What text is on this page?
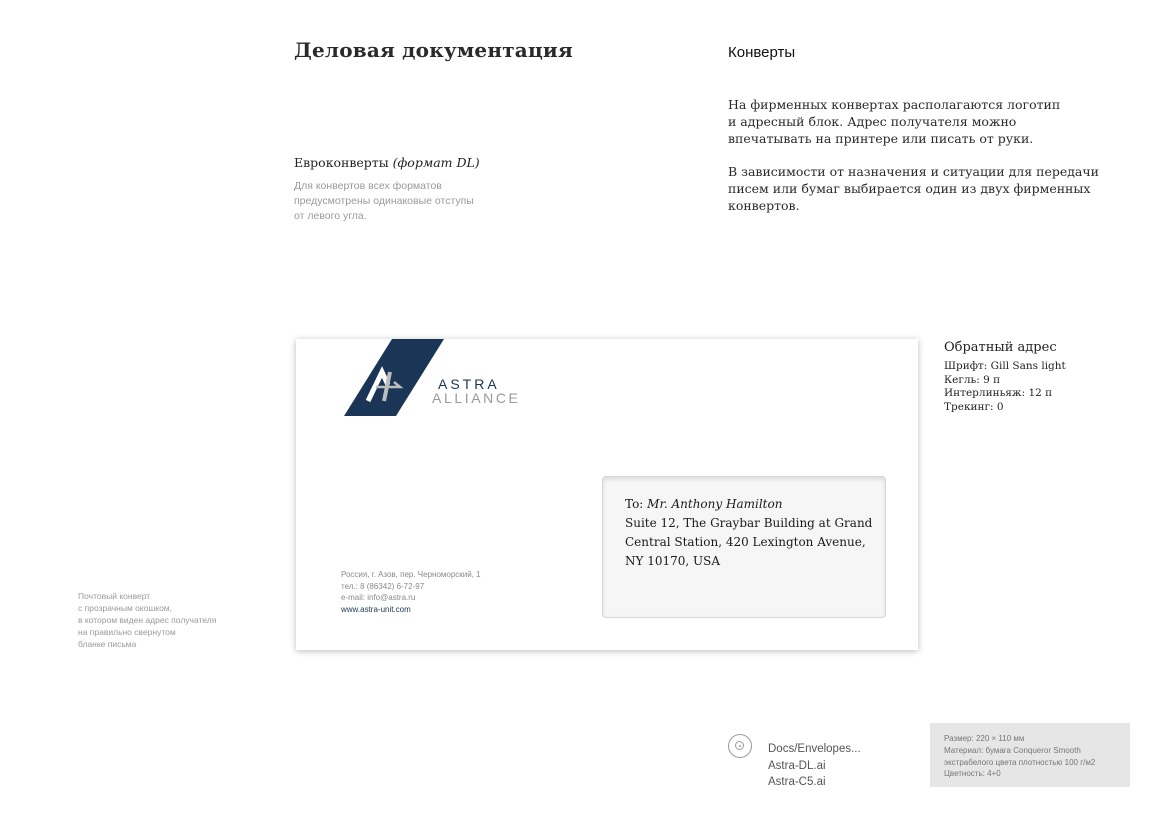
Деловая документация	Конверты
На фирменных конвертах располагаются логотип
и адресный блок. Адрес получателя можно
впечатывать на принтере или писать от руки.
В зависимости от назначения и ситуации для передачи
писем или бумаг выбирается один из двух фирменных
конвертов.
Евроконверты (формат DL)
Для конвертов всех форматов
предусмотрены одинаковые отступы
от левого угла.
ASTRA
ALLIANCE
Россия, г. Азов, пер. Черноморский, 1
тел.: 8 (86342) 6-72-97
e-mail: info@astra.ru
www.astra-unit.com
To: Mr. Anthony Hamilton
Suite 12, The Graybar Building at Grand
Central Station, 420 Lexington Avenue,
NY 10170, USA
Обратный адрес
Шрифт: Gill Sans light
Кегль: 9 п
Интерлиньяж: 12 п
Трекинг: 0
Почтовый конверт
с прозрачным окошком,
в котором виден адрес получателя
на правильно свернутом
бланке письма
Docs/Envelopes...
Astra-DL.ai
Astra-C5.ai
Размер: 220 × 110 мм
Материал: бумага Conqueror Smooth
экстрабелого цвета плотностью 100 г/м2
Цветность: 4+0
